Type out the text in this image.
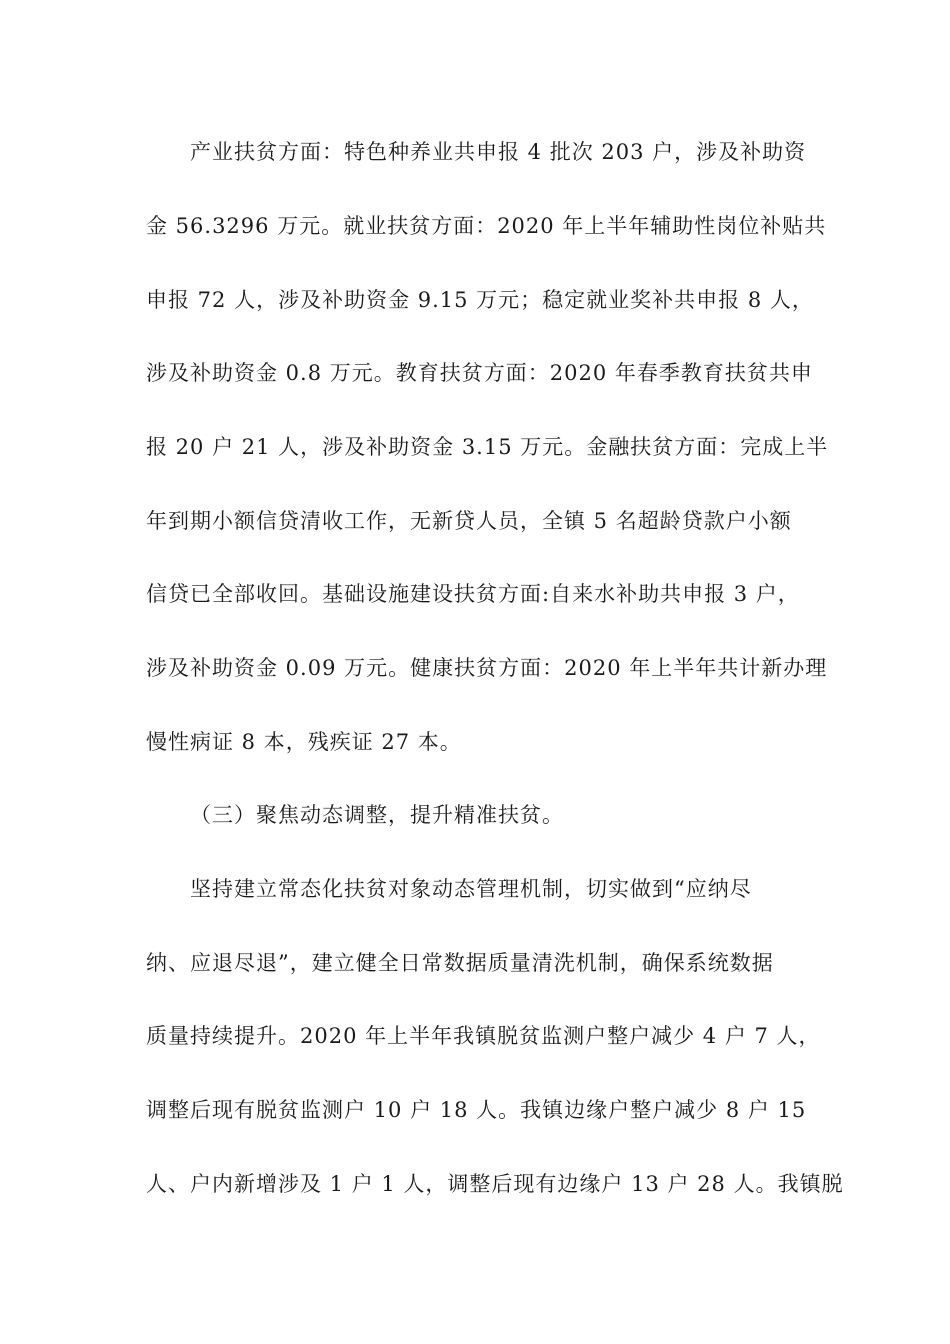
产业扶贫方面：特色种养业共申报 4 批次 203 户，涉及补助资
金 56.3296 万元。就业扶贫方面：2020 年上半年辅助性岗位补贴共
申报 72 人，涉及补助资金 9.15 万元；稳定就业奖补共申报 8 人，
涉及补助资金 0.8 万元。教育扶贫方面：2020 年春季教育扶贫共申
报 20 户 21 人，涉及补助资金 3.15 万元。金融扶贫方面：完成上半
年到期小额信贷清收工作，无新贷人员，全镇 5 名超龄贷款户小额
信贷已全部收回。基础设施建设扶贫方面:自来水补助共申报 3 户，
涉及补助资金 0.09 万元。健康扶贫方面：2020 年上半年共计新办理
慢性病证 8 本，残疾证 27 本。
（三）聚焦动态调整，提升精准扶贫。
坚持建立常态化扶贫对象动态管理机制，切实做到“应纳尽
纳、应退尽退”，建立健全日常数据质量清洗机制，确保系统数据
质量持续提升。2020 年上半年我镇脱贫监测户整户减少 4 户 7 人，
调整后现有脱贫监测户 10 户 18 人。我镇边缘户整户减少 8 户 15
人、户内新增涉及 1 户 1 人，调整后现有边缘户 13 户 28 人。我镇脱
